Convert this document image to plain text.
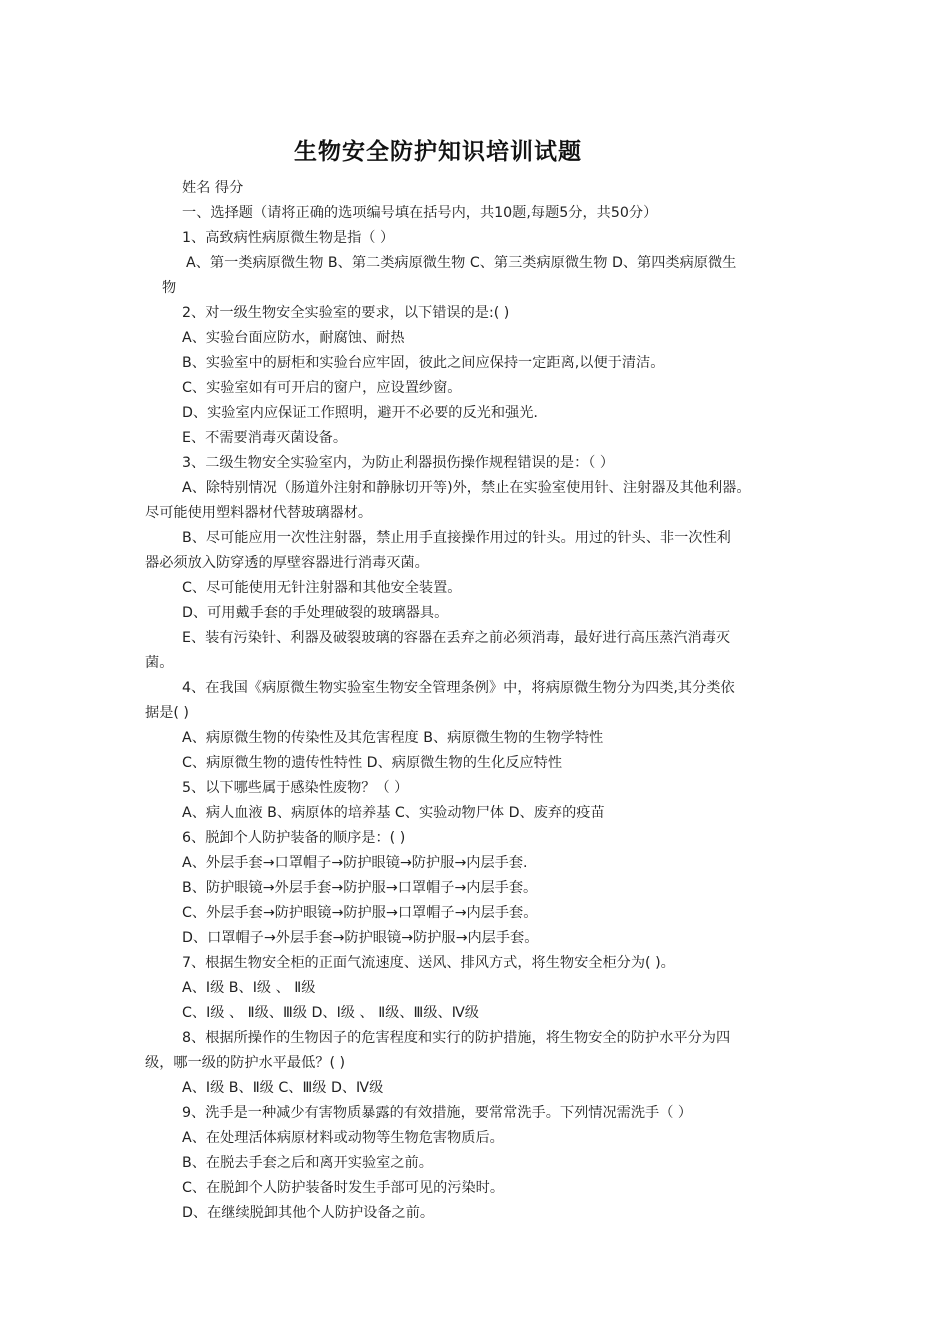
生物安全防护知识培训试题
姓名 得分
一、选择题（请将正确的选项编号填在括号内，共10题,每题5分，共50分）
1、高致病性病原微生物是指（ ）
A、第一类病原微生物 B、第二类病原微生物 C、第三类病原微生物 D、第四类病原微生
物
2、对一级生物安全实验室的要求，以下错误的是:( )
A、实验台面应防水，耐腐蚀、耐热
B、实验室中的厨柜和实验台应牢固，彼此之间应保持一定距离,以便于清洁。
C、实验室如有可开启的窗户，应设置纱窗。
D、实验室内应保证工作照明，避开不必要的反光和强光.
E、不需要消毒灭菌设备。
3、二级生物安全实验室内，为防止利器损伤操作规程错误的是：（ ）
A、除特别情况（肠道外注射和静脉切开等)外，禁止在实验室使用针、注射器及其他利器。
尽可能使用塑料器材代替玻璃器材。
B、尽可能应用一次性注射器，禁止用手直接操作用过的针头。用过的针头、非一次性利
器必须放入防穿透的厚壁容器进行消毒灭菌。
C、尽可能使用无针注射器和其他安全装置。
D、可用戴手套的手处理破裂的玻璃器具。
E、装有污染针、利器及破裂玻璃的容器在丢弃之前必须消毒，最好进行高压蒸汽消毒灭
菌。
4、在我国《病原微生物实验室生物安全管理条例》中，将病原微生物分为四类,其分类依
据是( )
A、病原微生物的传染性及其危害程度 B、病原微生物的生物学特性
C、病原微生物的遗传性特性 D、病原微生物的生化反应特性
5、以下哪些属于感染性废物？（ ）
A、病人血液 B、病原体的培养基 C、实验动物尸体 D、废弃的疫苗
6、脱卸个人防护装备的顺序是：( )
A、外层手套→口罩帽子→防护眼镜→防护服→内层手套.
B、防护眼镜→外层手套→防护服→口罩帽子→内层手套。
C、外层手套→防护眼镜→防护服→口罩帽子→内层手套。
D、口罩帽子→外层手套→防护眼镜→防护服→内层手套。
7、根据生物安全柜的正面气流速度、送风、排风方式，将生物安全柜分为( )。
A、Ⅰ级 B、Ⅰ级 、 Ⅱ级
C、Ⅰ级 、 Ⅱ级、Ⅲ级 D、Ⅰ级 、 Ⅱ级、Ⅲ级、Ⅳ级
8、根据所操作的生物因子的危害程度和实行的防护措施，将生物安全的防护水平分为四
级，哪一级的防护水平最低？( )
A、Ⅰ级 B、Ⅱ级 C、Ⅲ级 D、Ⅳ级
9、洗手是一种减少有害物质暴露的有效措施，要常常洗手。下列情况需洗手（ ）
A、在处理活体病原材料或动物等生物危害物质后。
B、在脱去手套之后和离开实验室之前。
C、在脱卸个人防护装备时发生手部可见的污染时。
D、在继续脱卸其他个人防护设备之前。
